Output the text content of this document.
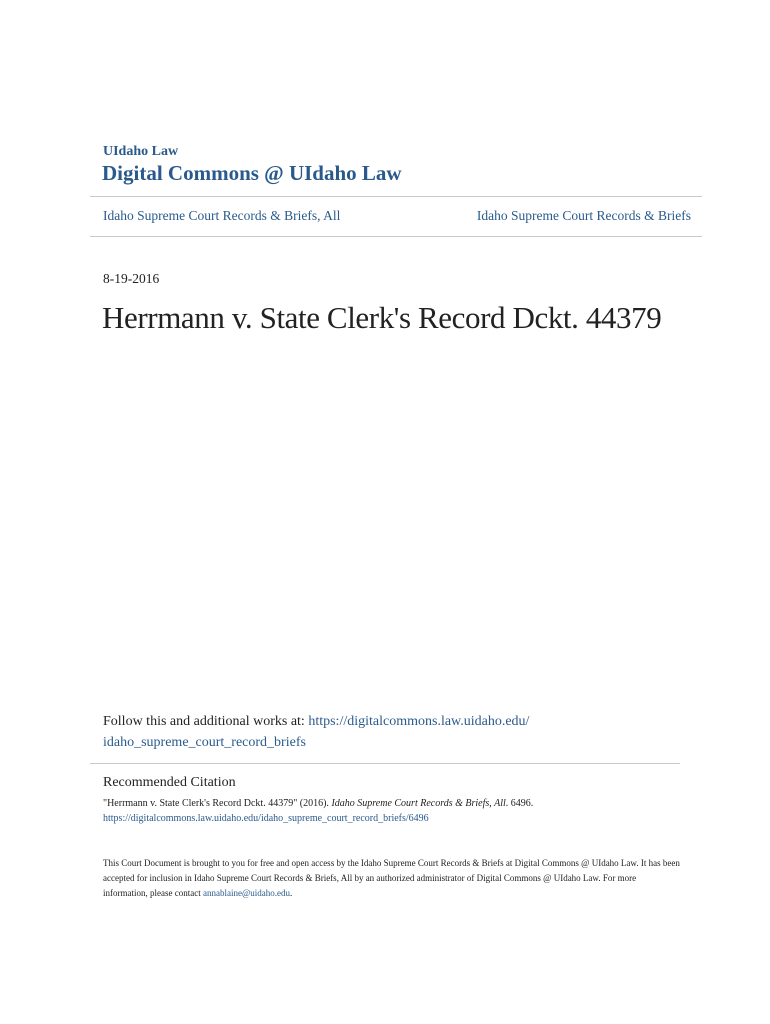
UIdaho Law
Digital Commons @ UIdaho Law
Idaho Supreme Court Records & Briefs, All	Idaho Supreme Court Records & Briefs
8-19-2016
Herrmann v. State Clerk's Record Dckt. 44379
Follow this and additional works at: https://digitalcommons.law.uidaho.edu/
idaho_supreme_court_record_briefs
Recommended Citation
"Herrmann v. State Clerk's Record Dckt. 44379" (2016). Idaho Supreme Court Records & Briefs, All. 6496.
https://digitalcommons.law.uidaho.edu/idaho_supreme_court_record_briefs/6496
This Court Document is brought to you for free and open access by the Idaho Supreme Court Records & Briefs at Digital Commons @ UIdaho Law. It has been accepted for inclusion in Idaho Supreme Court Records & Briefs, All by an authorized administrator of Digital Commons @ UIdaho Law. For more information, please contact annablaine@uidaho.edu.
